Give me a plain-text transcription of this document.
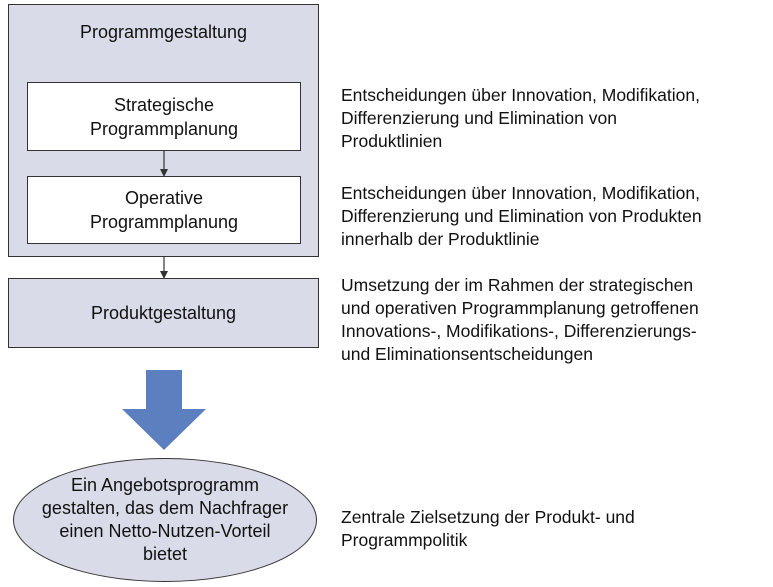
Programmgestaltung
Strategische
Programmplanung
Operative
Programmplanung
Produktgestaltung
Ein Angebotsprogramm
gestalten, das dem Nachfrager
einen Netto-Nutzen-Vorteil
bietet
Entscheidungen über Innovation, Modifikation,
Differenzierung und Elimination von
Produktlinien
Entscheidungen über Innovation, Modifikation,
Differenzierung und Elimination von Produkten
innerhalb der Produktlinie
Umsetzung der im Rahmen der strategischen
und operativen Programmplanung getroffenen
Innovations-, Modifikations-, Differenzierungs-
und Eliminationsentscheidungen
Zentrale Zielsetzung der Produkt- und
Programmpolitik
